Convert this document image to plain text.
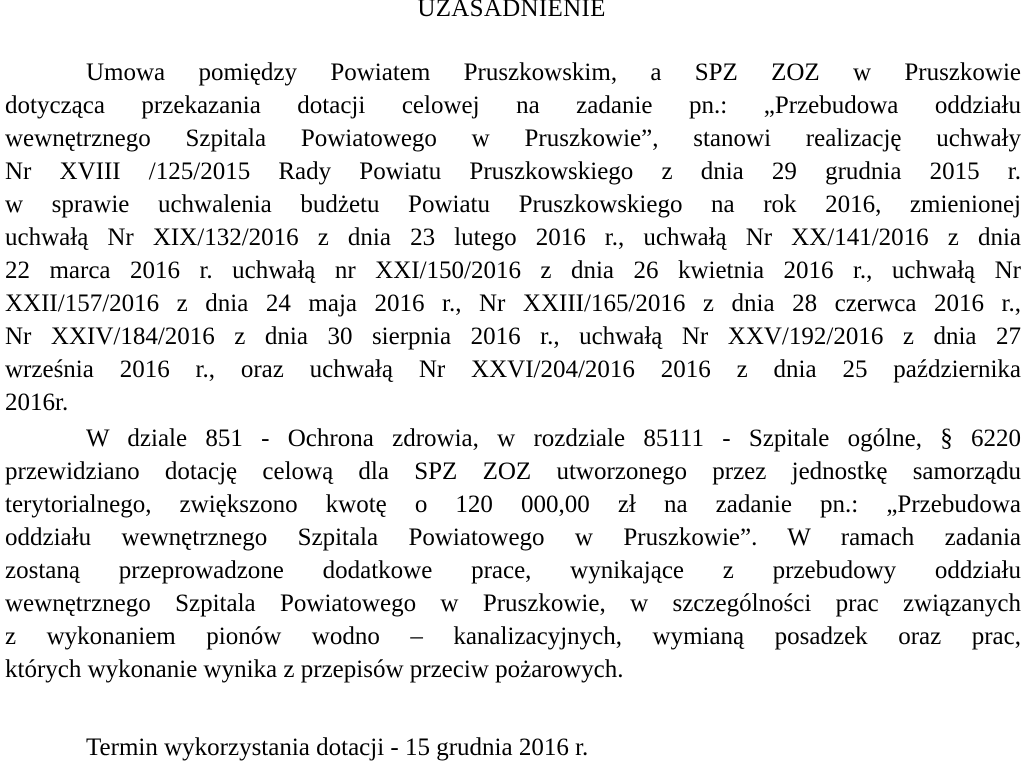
UZASADNIENIE
Umowa pomiędzy Powiatem Pruszkowskim, a SPZ ZOZ w Pruszkowie
dotycząca przekazania dotacji celowej na zadanie pn.: „Przebudowa oddziału
wewnętrznego Szpitala Powiatowego w Pruszkowie”, stanowi realizację uchwały
Nr XVIII /125/2015 Rady Powiatu Pruszkowskiego z dnia 29 grudnia 2015 r.
w sprawie uchwalenia budżetu Powiatu Pruszkowskiego na rok 2016, zmienionej
uchwałą Nr XIX/132/2016 z dnia 23 lutego 2016 r., uchwałą Nr XX/141/2016 z dnia
22 marca 2016 r. uchwałą nr XXI/150/2016 z dnia 26 kwietnia 2016 r., uchwałą Nr
XXII/157/2016 z dnia 24 maja 2016 r., Nr XXIII/165/2016 z dnia 28 czerwca 2016 r.,
Nr XXIV/184/2016 z dnia 30 sierpnia 2016 r., uchwałą Nr XXV/192/2016 z dnia 27
września 2016 r., oraz uchwałą Nr XXVI/204/2016 2016 z dnia 25 października
2016r.
W dziale 851 - Ochrona zdrowia, w rozdziale 85111 - Szpitale ogólne, § 6220
przewidziano dotację celową dla SPZ ZOZ utworzonego przez jednostkę samorządu
terytorialnego, zwiększono kwotę o 120 000,00 zł na zadanie pn.: „Przebudowa
oddziału wewnętrznego Szpitala Powiatowego w Pruszkowie”. W ramach zadania
zostaną przeprowadzone dodatkowe prace, wynikające z przebudowy oddziału
wewnętrznego Szpitala Powiatowego w Pruszkowie, w szczególności prac związanych
z wykonaniem pionów wodno – kanalizacyjnych, wymianą posadzek oraz prac,
których wykonanie wynika z przepisów przeciw pożarowych.
Termin wykorzystania dotacji - 15 grudnia 2016 r.
